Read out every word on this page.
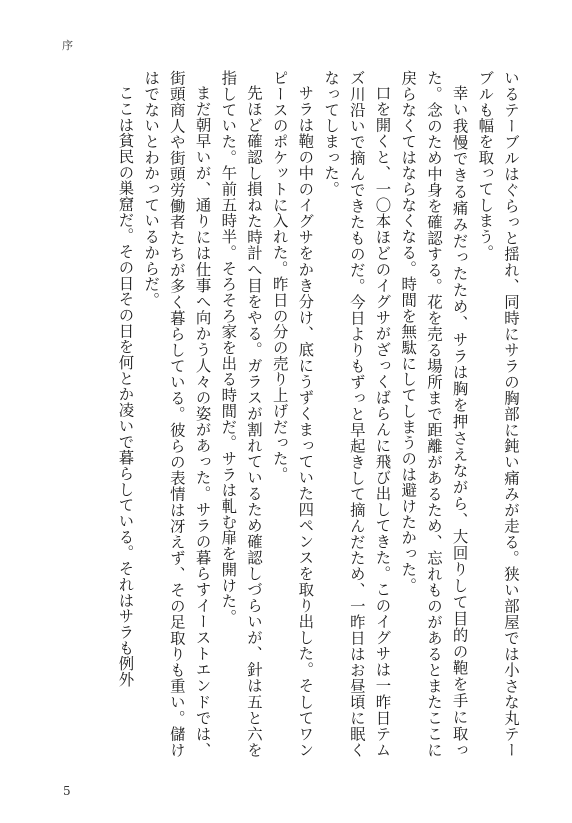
序

いるテーブルはぐらっと揺れ、同時にサラの胸部に鈍い痛みが走る。狭い部屋では小さな丸テーブルも幅を取ってしまう。

幸い我慢できる痛みだったため、サラは胸を押さえながら、大回りして目的の鞄を手に取った。念のため中身を確認する。花を売る場所まで距離があるため、忘れものがあるとまたここに戻らなくてはならなくなる。時間を無駄にしてしまうのは避けたかった。

口を開くと、一〇本ほどのイグサがざっくばらんに飛び出してきた。このイグサは一昨日テムズ川沿いで摘んできたものだ。今日よりもずっと早起きして摘んだため、一昨日はお昼頃に眠くなってしまった。

サラは鞄の中のイグサをかき分け、底にうずくまっていた四ペンスを取り出した。そしてワンピースのポケットに入れた。昨日の分の売り上げだった。

先ほど確認し損ねた時計へ目をやる。ガラスが割れているため確認しづらいが、針は五と六を指していた。午前五時半。そろそろ家を出る時間だ。サラは軋む扉を開けた。

まだ朝早いが、通りには仕事へ向かう人々の姿があった。サラの暮らすイーストエンドでは、街頭商人や街頭労働者たちが多く暮らしている。彼らの表情は冴えず、その足取りも重い。儲けはでないとわかっているからだ。

ここは貧民の巣窟だ。その日その日を何とか凌いで暮らしている。それはサラも例外

5
